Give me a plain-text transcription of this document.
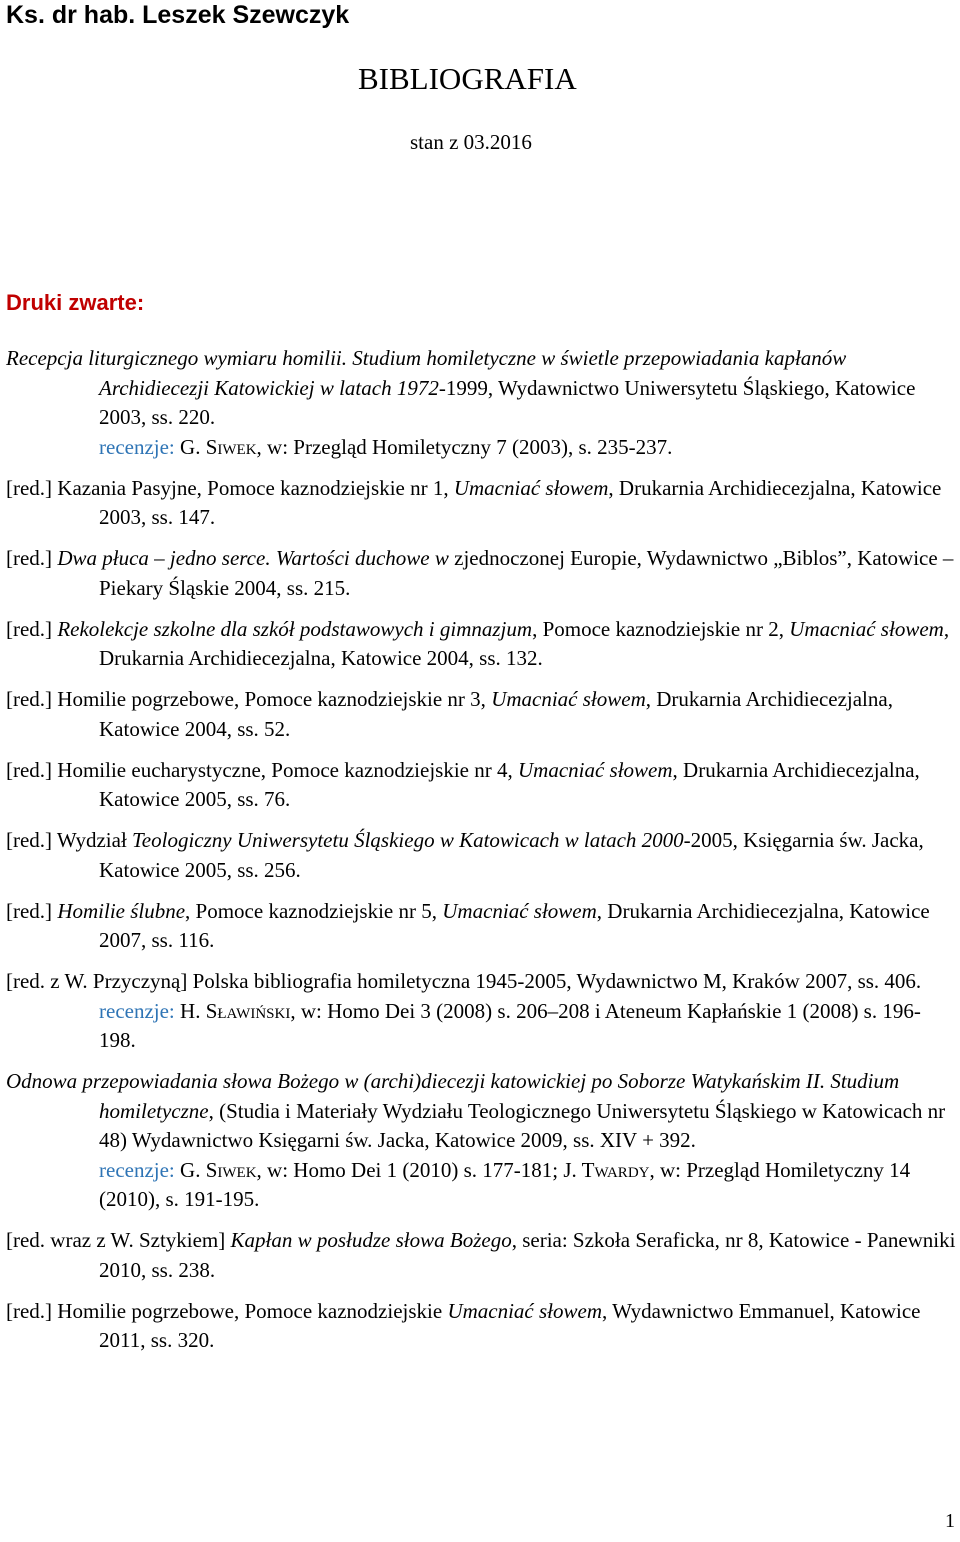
Ks. dr hab. Leszek Szewczyk
BIBLIOGRAFIA
stan z 03.2016
Druki zwarte:

Recepcja liturgicznego wymiaru homilii. Studium homiletyczne w świetle przepowiadania kapłanów Archidiecezji Katowickiej w latach 1972-1999, Wydawnictwo Uniwersytetu Śląskiego, Katowice 2003, ss. 220.
recenzje: G. Siwek, w: Przegląd Homiletyczny 7 (2003), s. 235-237.

[red.] Kazania Pasyjne, Pomoce kaznodziejskie nr 1, Umacniać słowem, Drukarnia Archidiecezjalna, Katowice 2003, ss. 147.

[red.] Dwa płuca – jedno serce. Wartości duchowe w zjednoczonej Europie, Wydawnictwo „Biblos”, Katowice – Piekary Śląskie 2004, ss. 215.

[red.] Rekolekcje szkolne dla szkół podstawowych i gimnazjum, Pomoce kaznodziejskie nr 2, Umacniać słowem, Drukarnia Archidiecezjalna, Katowice 2004, ss. 132.

[red.] Homilie pogrzebowe, Pomoce kaznodziejskie nr 3, Umacniać słowem, Drukarnia Archidiecezjalna, Katowice 2004, ss. 52.

[red.] Homilie eucharystyczne, Pomoce kaznodziejskie nr 4, Umacniać słowem, Drukarnia Archidiecezjalna, Katowice 2005, ss. 76.

[red.] Wydział Teologiczny Uniwersytetu Śląskiego w Katowicach w latach 2000-2005, Księgarnia św. Jacka, Katowice 2005, ss. 256.

[red.] Homilie ślubne, Pomoce kaznodziejskie nr 5, Umacniać słowem, Drukarnia Archidiecezjalna, Katowice 2007, ss. 116.

[red. z W. Przyczyną] Polska bibliografia homiletyczna 1945-2005, Wydawnictwo M, Kraków 2007, ss. 406.
recenzje: H. Sławiński, w: Homo Dei 3 (2008) s. 206–208 i Ateneum Kapłańskie 1 (2008) s. 196-198.

Odnowa przepowiadania słowa Bożego w (archi)diecezji katowickiej po Soborze Watykańskim II. Studium homiletyczne, (Studia i Materiały Wydziału Teologicznego Uniwersytetu Śląskiego w Katowicach nr 48) Wydawnictwo Księgarni św. Jacka, Katowice 2009, ss. XIV + 392.
recenzje: G. Siwek, w: Homo Dei 1 (2010) s. 177-181; J. Twardy, w: Przegląd Homiletyczny 14 (2010), s. 191-195.

[red. wraz z W. Sztykiem] Kapłan w posłudze słowa Bożego, seria: Szkoła Seraficka, nr 8, Katowice - Panewniki 2010, ss. 238.

[red.] Homilie pogrzebowe, Pomoce kaznodziejskie Umacniać słowem, Wydawnictwo Emmanuel, Katowice 2011, ss. 320.

1
